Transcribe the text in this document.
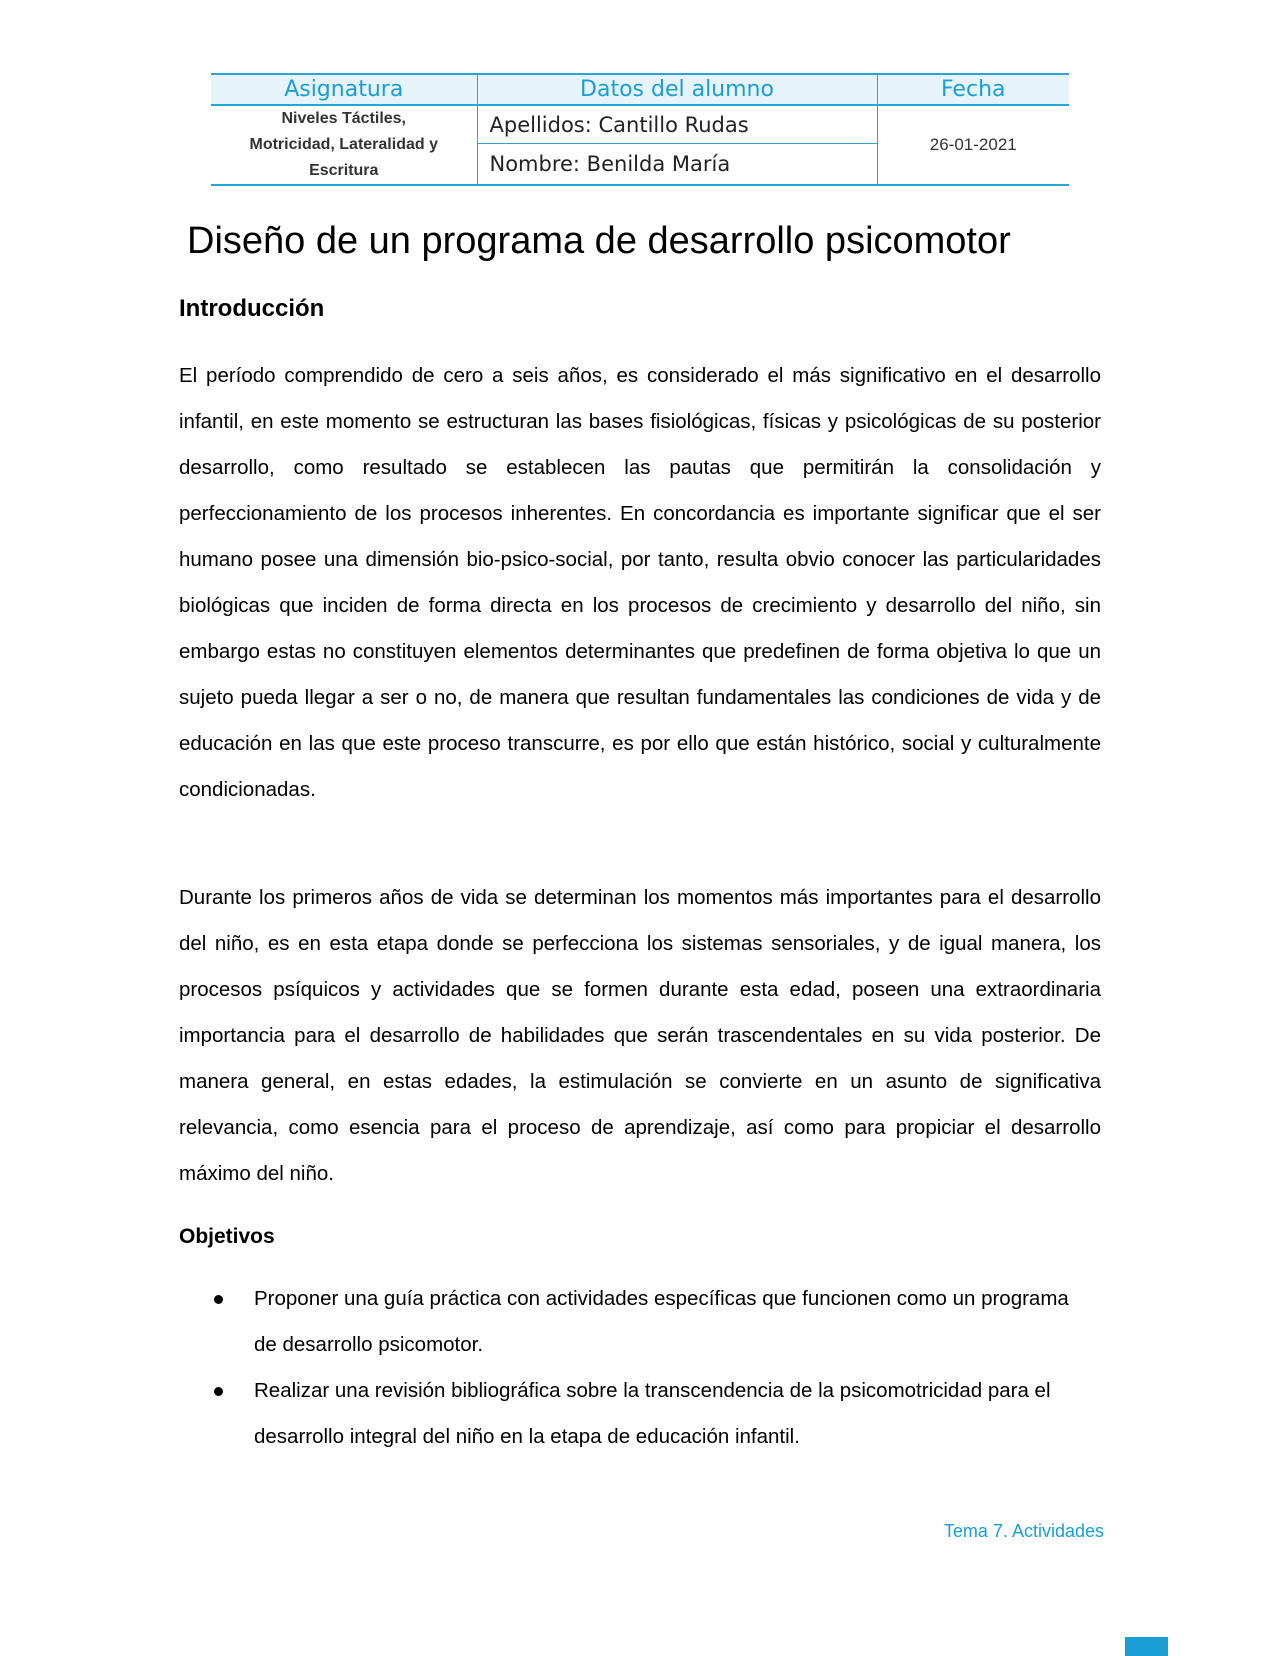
Asignatura	Datos del alumno	Fecha

Niveles Táctiles,
Motricidad, Lateralidad y
Escritura	Apellidos: Cantillo Rudas	26-01-2021
	Nombre: Benilda María	
Diseño de un programa de desarrollo psicomotor
Introducción

El período comprendido de cero a seis años, es considerado el más significativo en el desarrollo infantil, en este momento se estructuran las bases fisiológicas, físicas y psicológicas de su posterior desarrollo, como resultado se establecen las pautas que permitirán la consolidación y perfeccionamiento de los procesos inherentes. En concordancia es importante significar que el ser humano posee una dimensión bio-psico-social, por tanto, resulta obvio conocer las particularidades biológicas que inciden de forma directa en los procesos de crecimiento y desarrollo del niño, sin embargo estas no constituyen elementos determinantes que predefinen de forma objetiva lo que un sujeto pueda llegar a ser o no, de manera que resultan fundamentales las condiciones de vida y de educación en las que este proceso transcurre, es por ello que están histórico, social y culturalmente condicionadas.

Durante los primeros años de vida se determinan los momentos más importantes para el desarrollo del niño, es en esta etapa donde se perfecciona los sistemas sensoriales, y de igual manera, los procesos psíquicos y actividades que se formen durante esta edad, poseen una extraordinaria importancia para el desarrollo de habilidades que serán trascendentales en su vida posterior. De manera general, en estas edades, la estimulación se convierte en un asunto de significativa relevancia, como esencia para el proceso de aprendizaje, así como para propiciar el desarrollo máximo del niño.

Objetivos
Proponer una guía práctica con actividades específicas que funcionen como un programa de desarrollo psicomotor.
Realizar una revisión bibliográfica sobre la transcendencia de la psicomotricidad para el desarrollo integral del niño en la etapa de educación infantil.
Tema 7. Actividades
